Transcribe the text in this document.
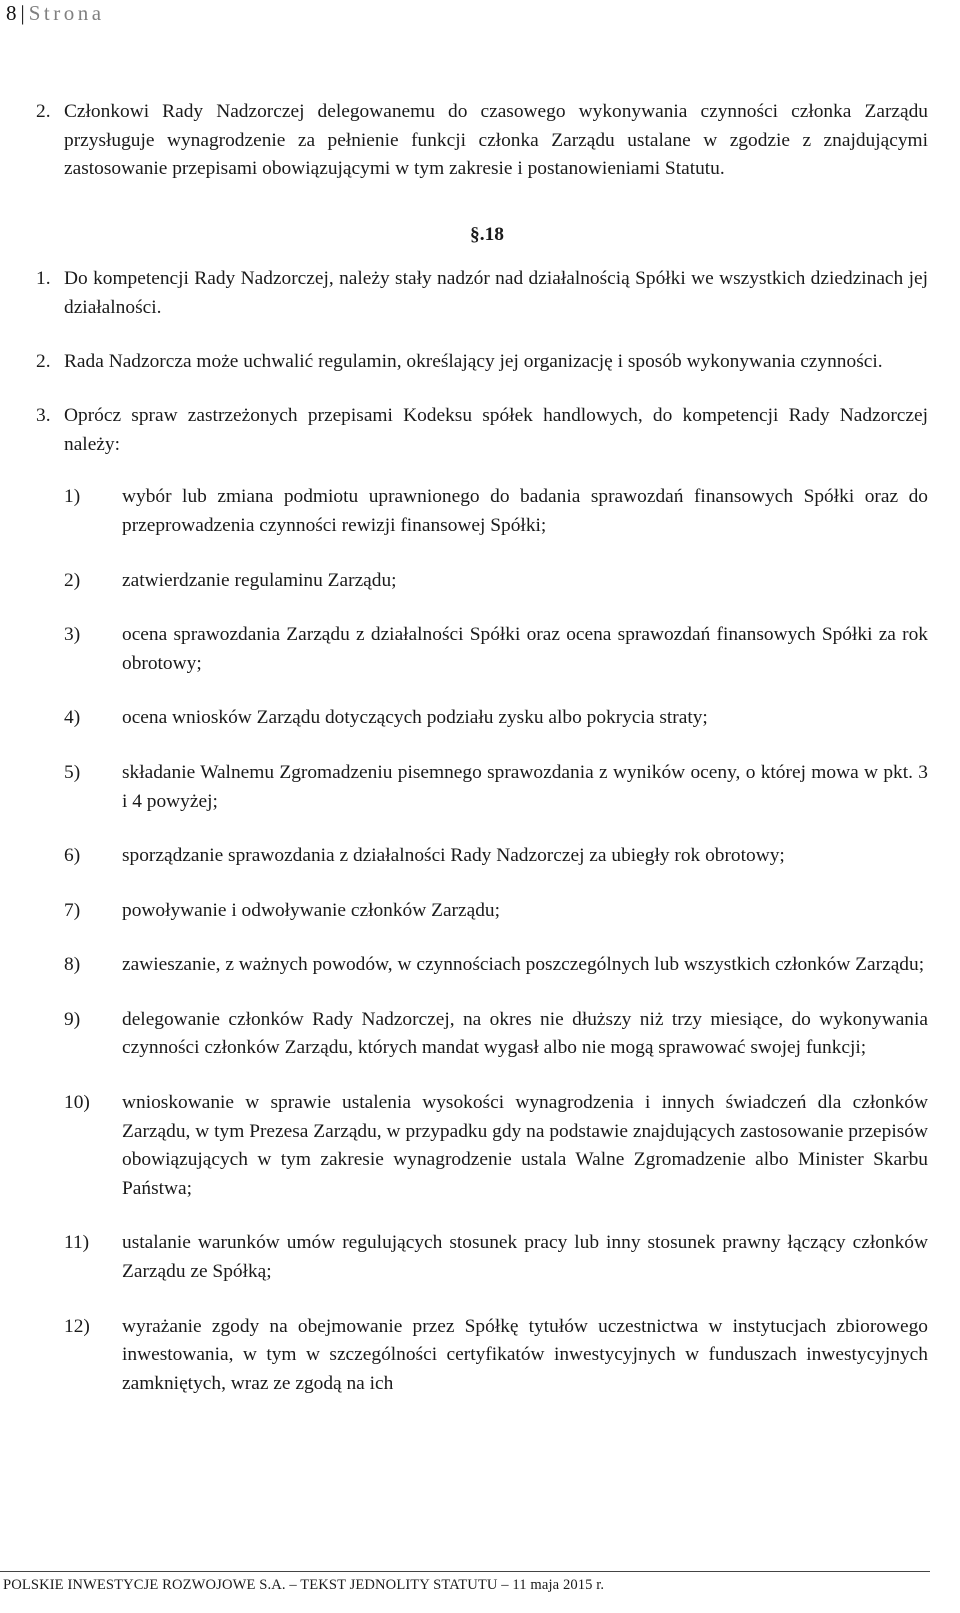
8 | Strona
2. Członkowi Rady Nadzorczej delegowanemu do czasowego wykonywania czynności członka Zarządu przysługuje wynagrodzenie za pełnienie funkcji członka Zarządu ustalane w zgodzie z znajdującymi zastosowanie przepisami obowiązującymi w tym zakresie i postanowieniami Statutu.
§.18
1. Do kompetencji Rady Nadzorczej, należy stały nadzór nad działalnością Spółki we wszystkich dziedzinach jej działalności.
2. Rada Nadzorcza może uchwalić regulamin, określający jej organizację i sposób wykonywania czynności.
3. Oprócz spraw zastrzeżonych przepisami Kodeksu spółek handlowych, do kompetencji Rady Nadzorczej należy:
1) wybór lub zmiana podmiotu uprawnionego do badania sprawozdań finansowych Spółki oraz do przeprowadzenia czynności rewizji finansowej Spółki;
2) zatwierdzanie regulaminu Zarządu;
3) ocena sprawozdania Zarządu z działalności Spółki oraz ocena sprawozdań finansowych Spółki za rok obrotowy;
4) ocena wniosków Zarządu dotyczących podziału zysku albo pokrycia straty;
5) składanie Walnemu Zgromadzeniu pisemnego sprawozdania z wyników oceny, o której mowa w pkt. 3 i 4 powyżej;
6) sporządzanie sprawozdania z działalności Rady Nadzorczej za ubiegły rok obrotowy;
7) powoływanie i odwoływanie członków Zarządu;
8) zawieszanie, z ważnych powodów, w czynnościach poszczególnych lub wszystkich członków Zarządu;
9) delegowanie członków Rady Nadzorczej, na okres nie dłuższy niż trzy miesiące, do wykonywania czynności członków Zarządu, których mandat wygasł albo nie mogą sprawować swojej funkcji;
10) wnioskowanie w sprawie ustalenia wysokości wynagrodzenia i innych świadczeń dla członków Zarządu, w tym Prezesa Zarządu, w przypadku gdy na podstawie znajdujących zastosowanie przepisów obowiązujących w tym zakresie wynagrodzenie ustala Walne Zgromadzenie albo Minister Skarbu Państwa;
11) ustalanie warunków umów regulujących stosunek pracy lub inny stosunek prawny łączący członków Zarządu ze Spółką;
12) wyrażanie zgody na obejmowanie przez Spółkę tytułów uczestnictwa w instytucjach zbiorowego inwestowania, w tym w szczególności certyfikatów inwestycyjnych w funduszach inwestycyjnych zamkniętych, wraz ze zgodą na ich
POLSKIE INWESTYCJE ROZWOJOWE S.A. – TEKST JEDNOLITY STATUTU – 11 maja 2015 r.
